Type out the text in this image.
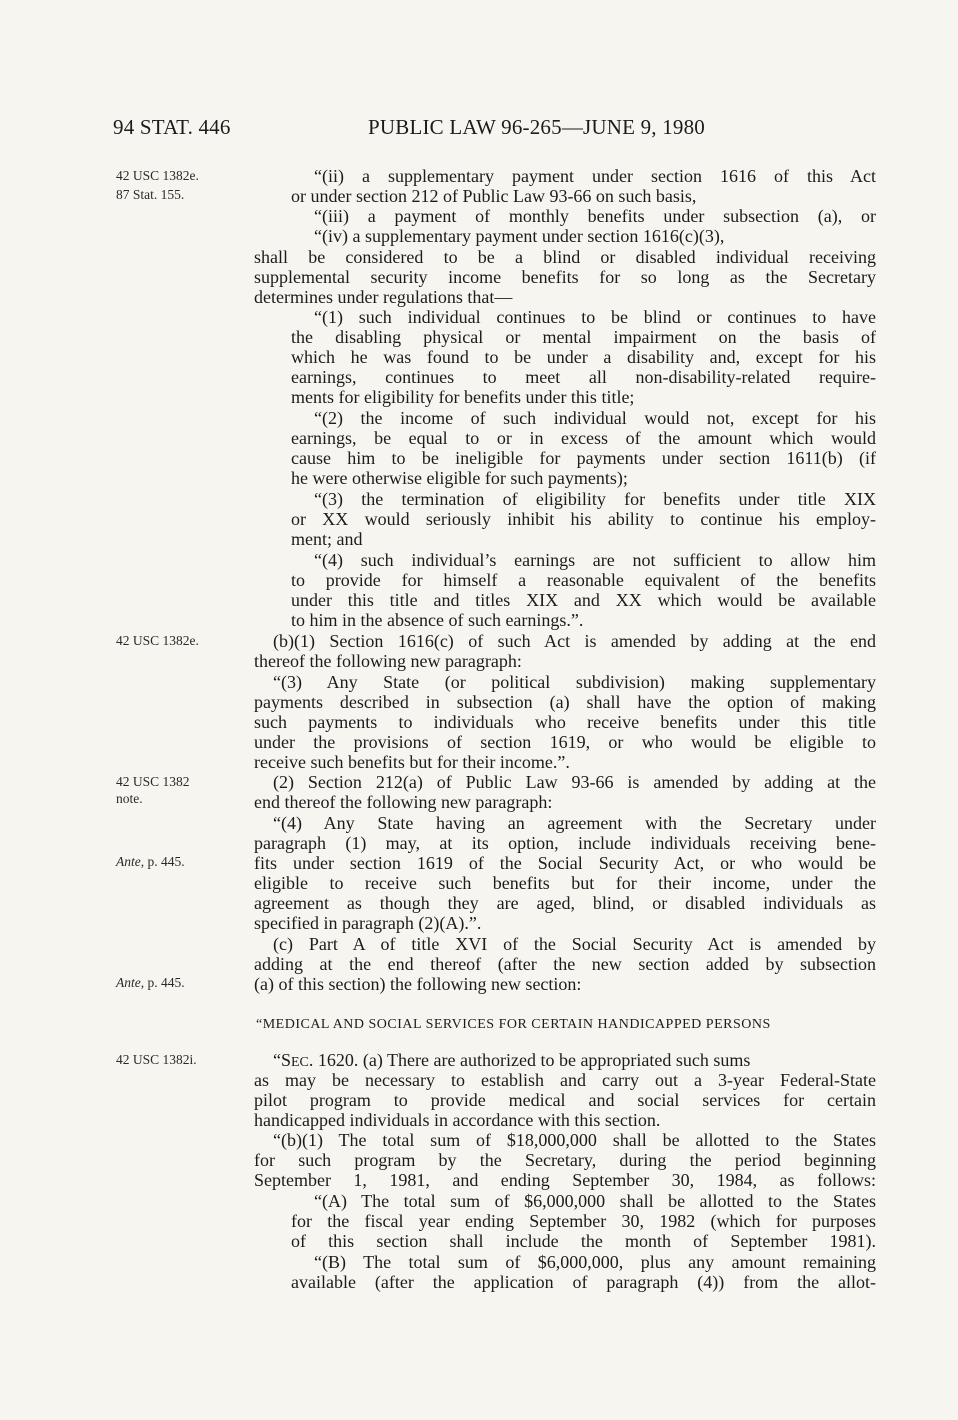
94 STAT. 446	PUBLIC LAW 96-265—JUNE 9, 1980
42 USC 1382e.
87 Stat. 155.
42 USC 1382e.
42 USC 1382
note.
Ante, p. 445.
Ante, p. 445.
42 USC 1382i.
“(ii) a supplementary payment under section 1616 of this Act
or under section 212 of Public Law 93-66 on such basis,
“(iii) a payment of monthly benefits under subsection (a), or
“(iv) a supplementary payment under section 1616(c)(3),
shall be considered to be a blind or disabled individual receiving
supplemental security income benefits for so long as the Secretary
determines under regulations that—
“(1) such individual continues to be blind or continues to have
the disabling physical or mental impairment on the basis of
which he was found to be under a disability and, except for his
earnings, continues to meet all non-disability-related require-
ments for eligibility for benefits under this title;
“(2) the income of such individual would not, except for his
earnings, be equal to or in excess of the amount which would
cause him to be ineligible for payments under section 1611(b) (if
he were otherwise eligible for such payments);
“(3) the termination of eligibility for benefits under title XIX
or XX would seriously inhibit his ability to continue his employ-
ment; and
“(4) such individual’s earnings are not sufficient to allow him
to provide for himself a reasonable equivalent of the benefits
under this title and titles XIX and XX which would be available
to him in the absence of such earnings.”.
(b)(1) Section 1616(c) of such Act is amended by adding at the end
thereof the following new paragraph:
“(3) Any State (or political subdivision) making supplementary
payments described in subsection (a) shall have the option of making
such payments to individuals who receive benefits under this title
under the provisions of section 1619, or who would be eligible to
receive such benefits but for their income.”.
(2) Section 212(a) of Public Law 93-66 is amended by adding at the
end thereof the following new paragraph:
“(4) Any State having an agreement with the Secretary under
paragraph (1) may, at its option, include individuals receiving bene-
fits under section 1619 of the Social Security Act, or who would be
eligible to receive such benefits but for their income, under the
agreement as though they are aged, blind, or disabled individuals as
specified in paragraph (2)(A).”.
(c) Part A of title XVI of the Social Security Act is amended by
adding at the end thereof (after the new section added by subsection
(a) of this section) the following new section:
“MEDICAL AND SOCIAL SERVICES FOR CERTAIN HANDICAPPED PERSONS
“SEC. 1620. (a) There are authorized to be appropriated such sums
as may be necessary to establish and carry out a 3-year Federal-State
pilot program to provide medical and social services for certain
handicapped individuals in accordance with this section.
“(b)(1) The total sum of $18,000,000 shall be allotted to the States
for such program by the Secretary, during the period beginning
September 1, 1981, and ending September 30, 1984, as follows:
“(A) The total sum of $6,000,000 shall be allotted to the States
for the fiscal year ending September 30, 1982 (which for purposes
of this section shall include the month of September 1981).
“(B) The total sum of $6,000,000, plus any amount remaining
available (after the application of paragraph (4)) from the allot-
